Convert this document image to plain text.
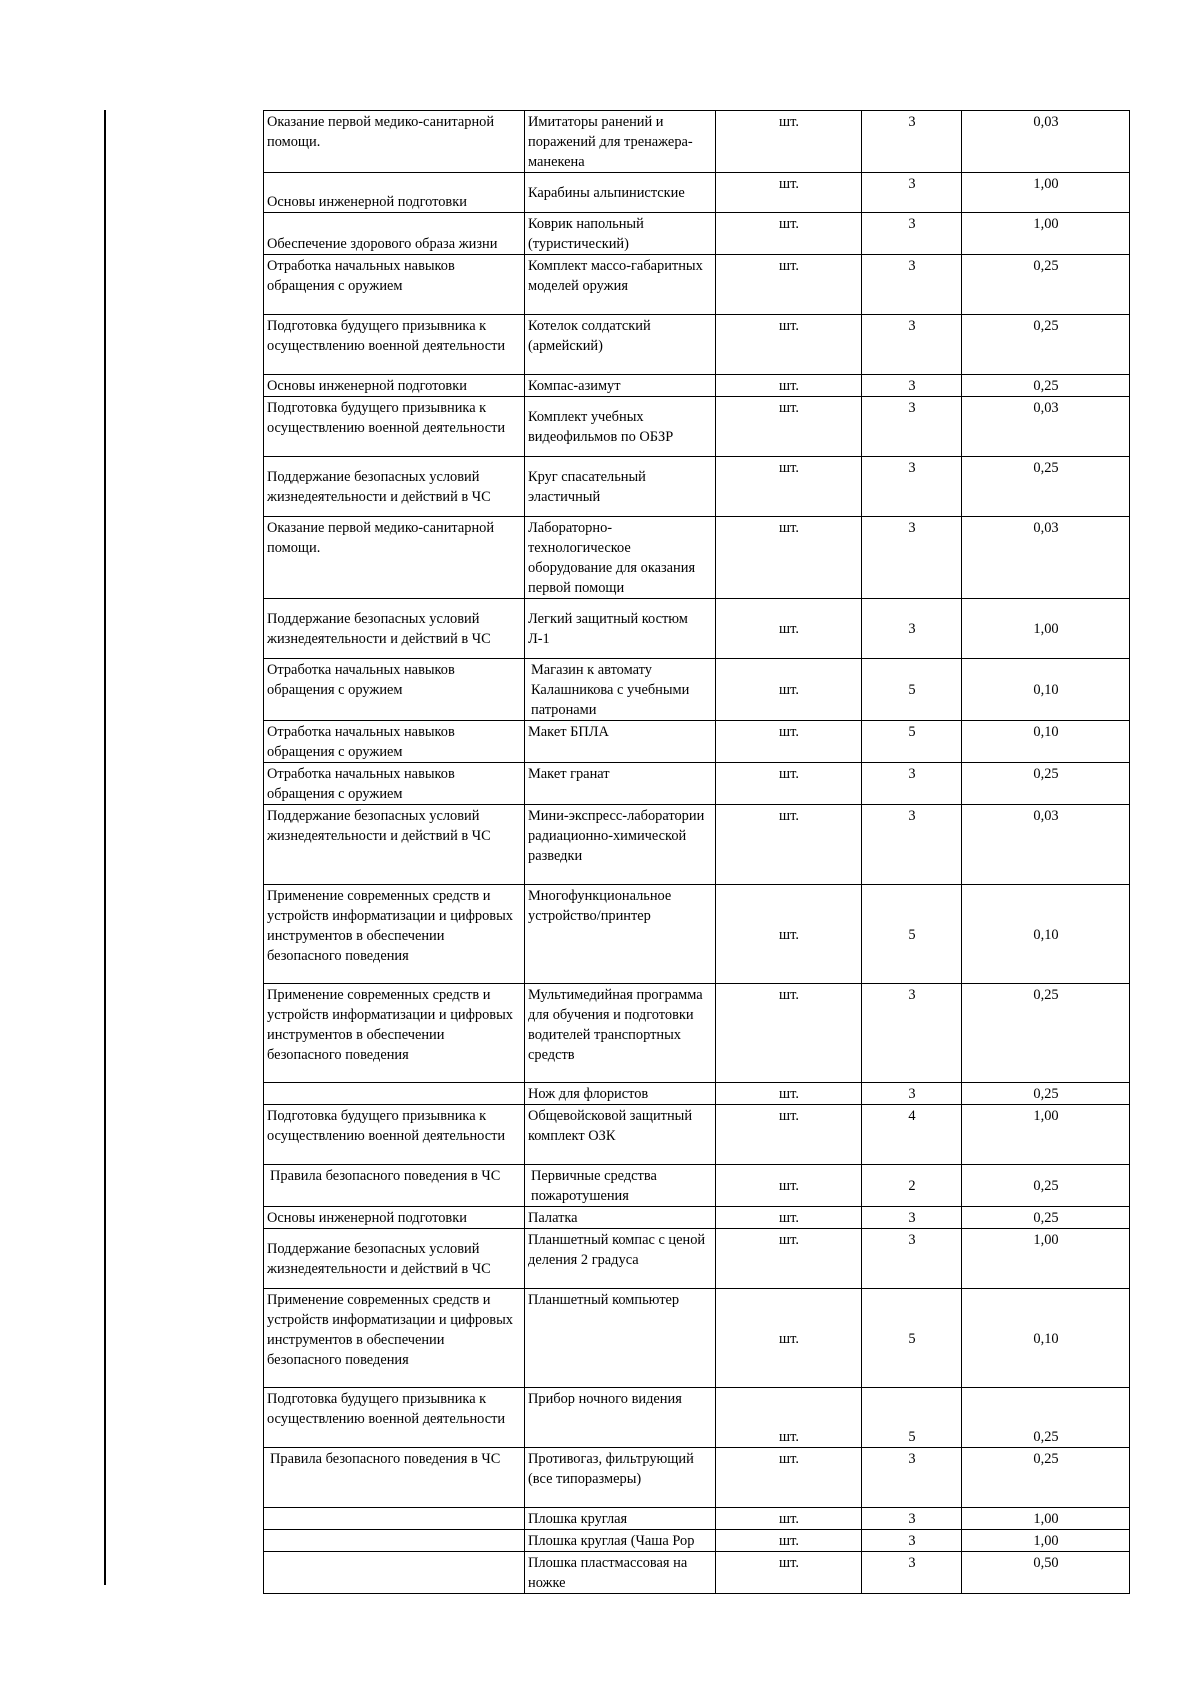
Оказание первой медико-санитарной помощи.	Имитаторы ранений и поражений для тренажера-манекена	шт.	3	0,03
Основы инженерной подготовки	Карабины альпинистские	шт.	3	1,00
Обеспечение здорового образа жизни	Коврик напольный (туристический)	шт.	3	1,00
Отработка начальных навыков обращения с оружием	Комплект массо-габаритных моделей оружия	шт.	3	0,25
Подготовка будущего призывника к осуществлению военной деятельности	Котелок солдатский (армейский)	шт.	3	0,25
Основы инженерной подготовки	Компас-азимут	шт.	3	0,25
Подготовка будущего призывника к осуществлению военной деятельности	Комплект учебных видеофильмов по ОБЗР	шт.	3	0,03
Поддержание безопасных условий жизнедеятельности и действий в ЧС	Круг спасательный эластичный	шт.	3	0,25
Оказание первой медико-санитарной помощи.	Лабораторно-технологическое оборудование для оказания первой помощи	шт.	3	0,03
Поддержание безопасных условий жизнедеятельности и действий в ЧС	Легкий защитный костюм Л-1	шт.	3	1,00
Отработка начальных навыков обращения с оружием	Магазин к автомату Калашникова с учебными патронами	шт.	5	0,10
Отработка начальных навыков обращения с оружием	Макет БПЛА	шт.	5	0,10
Отработка начальных навыков обращения с оружием	Макет гранат	шт.	3	0,25
Поддержание безопасных условий жизнедеятельности и действий в ЧС	Мини-экспресс-лаборатории радиационно-химической разведки	шт.	3	0,03
Применение современных средств и устройств информатизации и цифровых инструментов в обеспечении безопасного поведения	Многофункциональное устройство/принтер	шт.	5	0,10
Применение современных средств и устройств информатизации и цифровых инструментов в обеспечении безопасного поведения	Мультимедийная программа для обучения и подготовки водителей транспортных средств	шт.	3	0,25
	Нож для флористов	шт.	3	0,25
Подготовка будущего призывника к осуществлению военной деятельности	Общевойсковой защитный комплект ОЗК	шт.	4	1,00
Правила безопасного поведения в ЧС	Первичные средства пожаротушения	шт.	2	0,25
Основы инженерной подготовки	Палатка	шт.	3	0,25
Поддержание безопасных условий жизнедеятельности и действий в ЧС	Планшетный компас с ценой деления 2 градуса	шт.	3	1,00
Применение современных средств и устройств информатизации и цифровых инструментов в обеспечении безопасного поведения	Планшетный компьютер	шт.	5	0,10
Подготовка будущего призывника к осуществлению военной деятельности	Прибор ночного видения	шт.	5	0,25
Правила безопасного поведения в ЧС	Противогаз, фильтрующий (все типоразмеры)	шт.	3	0,25
	Плошка круглая	шт.	3	1,00
	Плошка круглая (Чаша Рор	шт.	3	1,00
	Плошка пластмассовая на ножке	шт.	3	0,50
